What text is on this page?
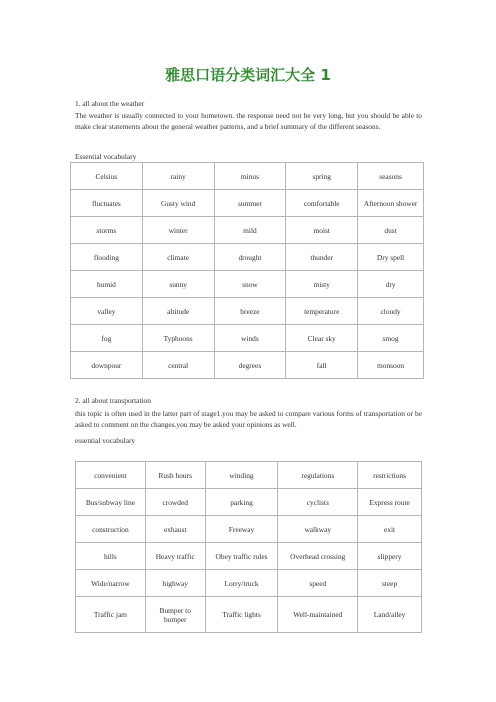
雅思口语分类词汇大全 1
1. all about the weather
The weather is usually connected to your hometown. the response need not be very long, but you should be able to make clear statements about the general weather patterns, and a brief summary of the different seasons.
Essential vocabulary
Celsius	rainy	minus	spring	seasons
fluctuates	Gusty wind	summer	comfortable	Afternoon shower
storms	winter	mild	moist	dust
flooding	climate	drought	thunder	Dry spell
humid	sunny	snow	misty	dry
valley	altitude	breeze	temperature	cloudy
fog	Typhoons	winds	Clear sky	smog
downpour	central	degrees	fall	monsoon
2. all about transportation
this topic is often used in the latter part of stage1.you may be asked to compare various forms of transportation or be asked to comment on the changes.you may be asked your opinions as well.
essential vocabulary
convenient	Rush hours	winding	regulations	restrictions
Bus/subway line	crowded	parking	cyclists	Express route
construction	exhaust	Freeway	walkway	exit
hills	Heavy traffic	Obey traffic rules	Overhead crossing	slippery
Wide/narrow	highway	Lorry/truck	speed	steep
Traffic jam	Bumper to bumper	Traffic lights	Well-maintained	Land/alley
